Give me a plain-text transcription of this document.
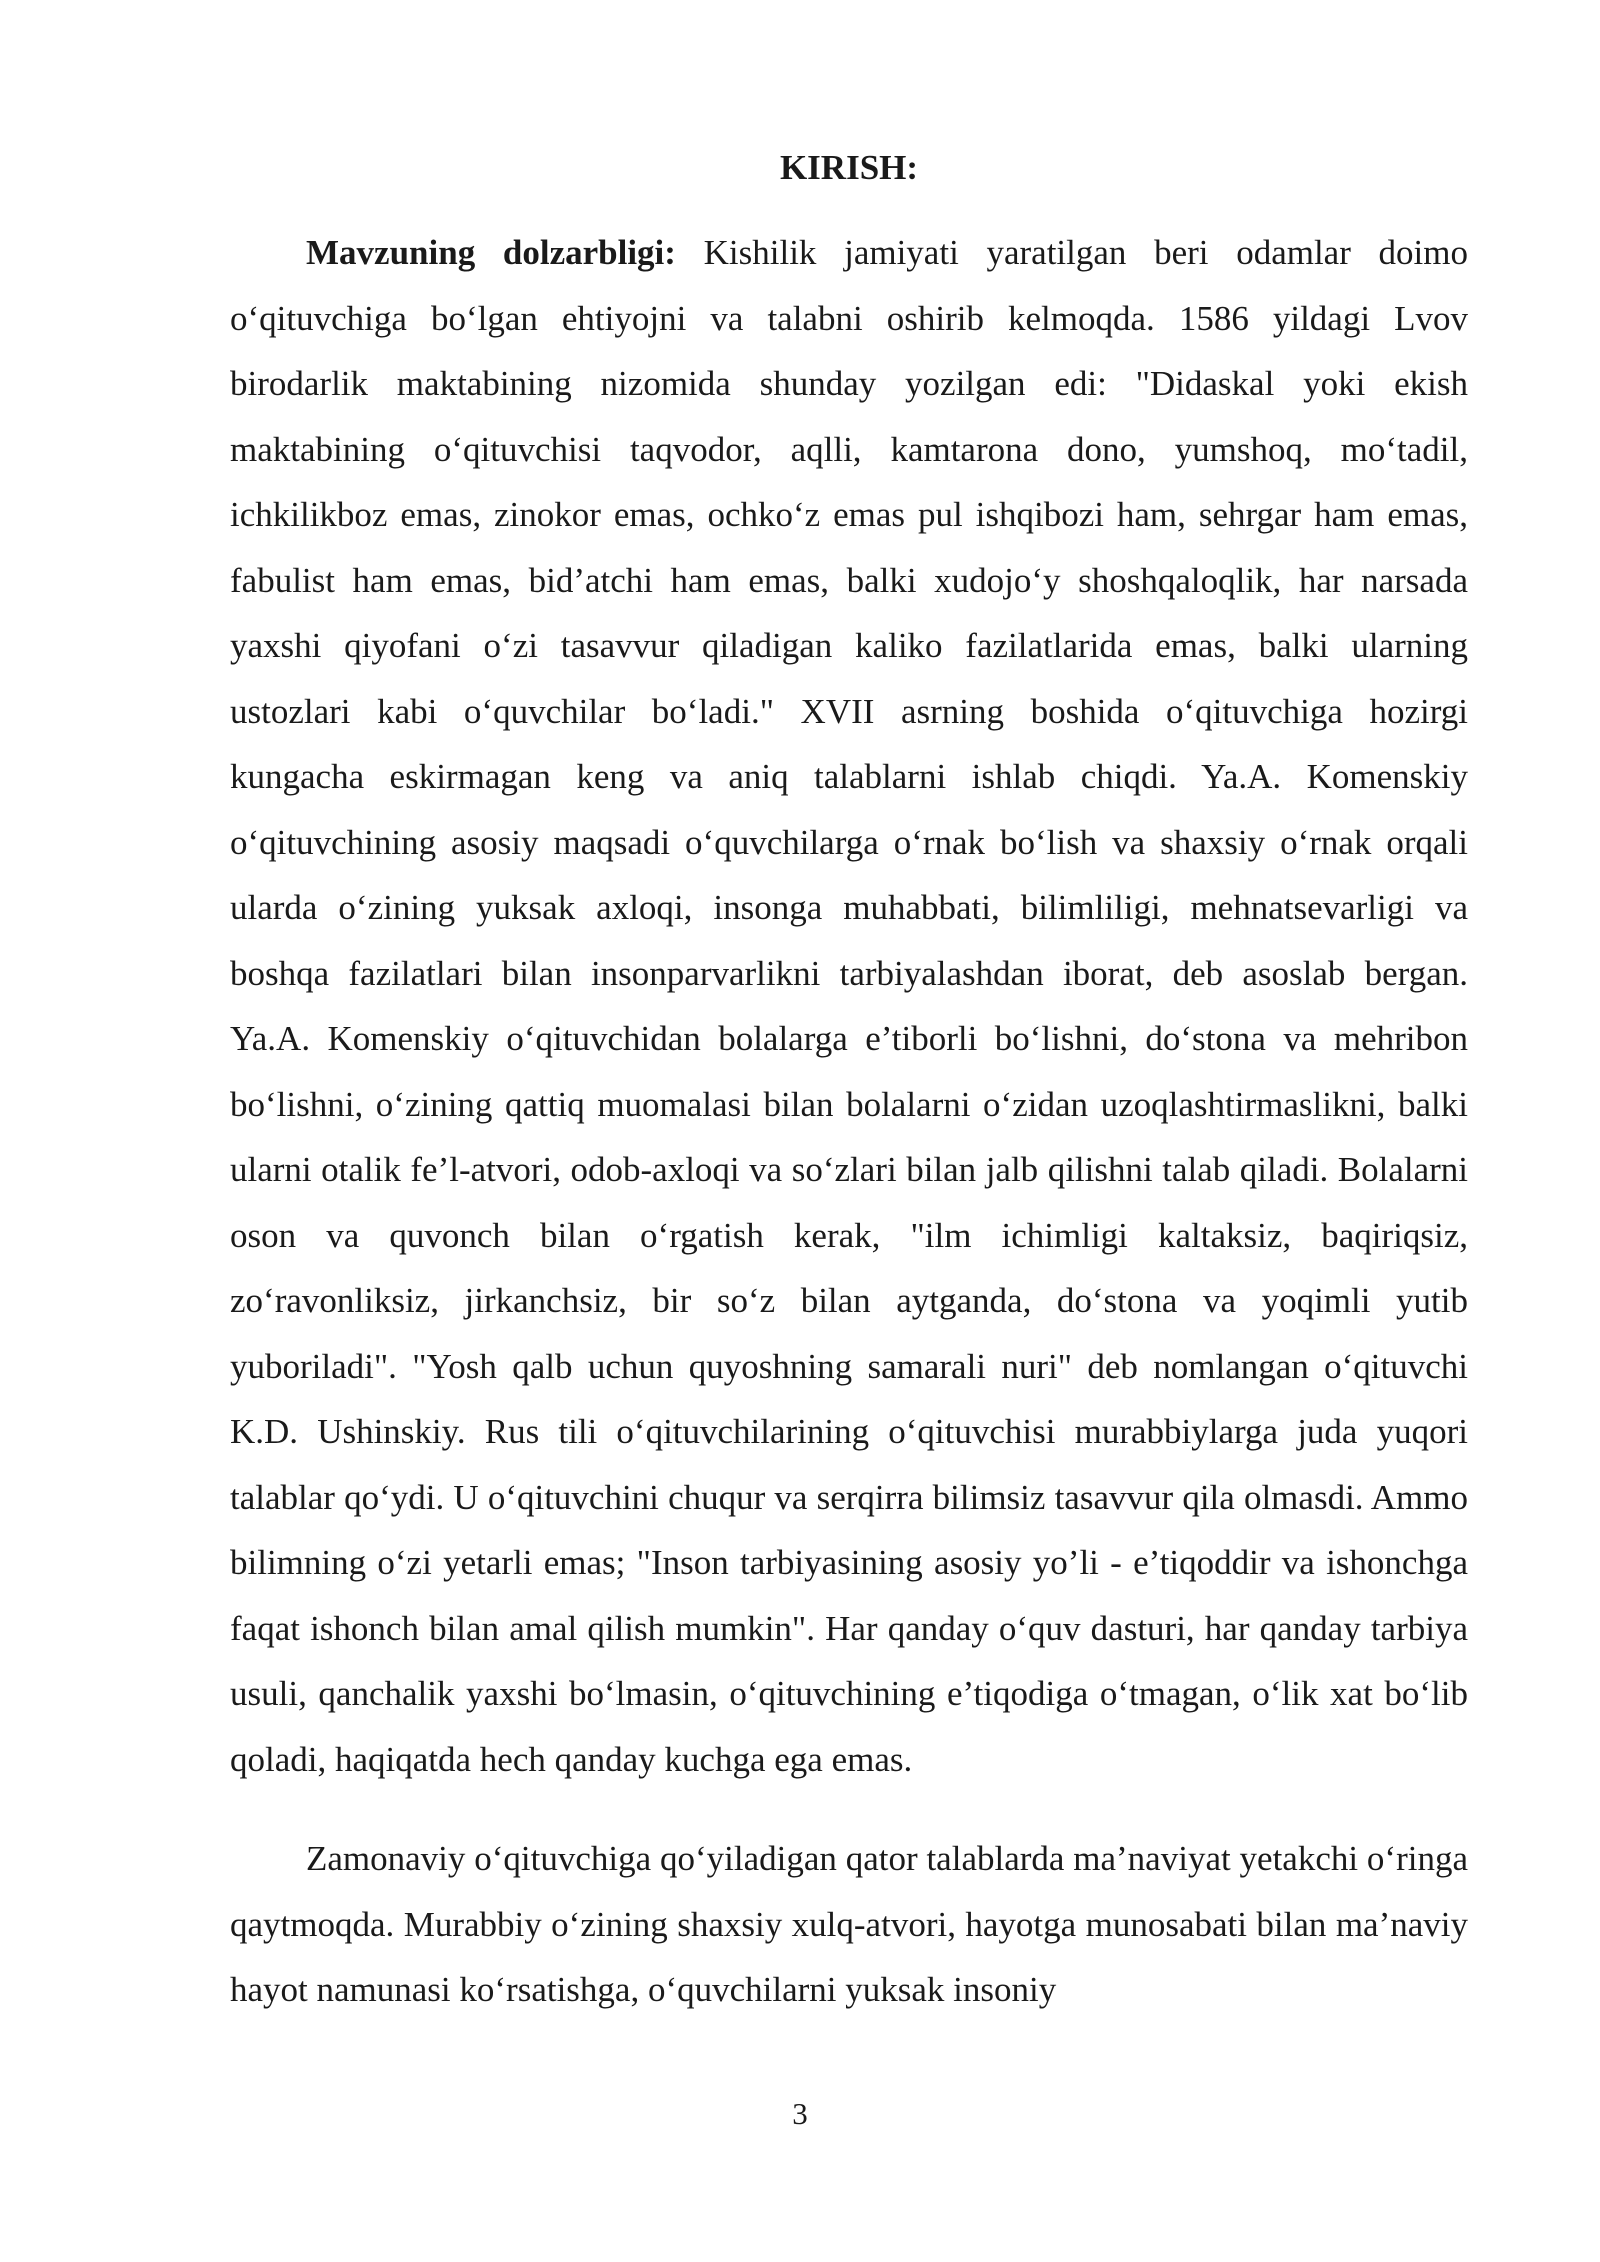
KIRISH:

Mavzuning dolzarbligi: Kishilik jamiyati yaratilgan beri odamlar doimo oʻqituvchiga boʻlgan ehtiyojni va talabni oshirib kelmoqda. 1586 yildagi Lvov birodarlik maktabining nizomida shunday yozilgan edi: "Didaskal yoki ekish maktabining oʻqituvchisi taqvodor, aqlli, kamtarona dono, yumshoq, moʻtadil, ichkilikboz emas, zinokor emas, ochkoʻz emas pul ishqibozi ham, sehrgar ham emas, fabulist ham emas, bid’atchi ham emas, balki xudojoʻy shoshqaloqlik, har narsada yaxshi qiyofani oʻzi tasavvur qiladigan kaliko fazilatlarida emas, balki ularning ustozlari kabi oʻquvchilar boʻladi." XVII asrning boshida oʻqituvchiga hozirgi kungacha eskirmagan keng va aniq talablarni ishlab chiqdi. Ya.A. Komenskiy oʻqituvchining asosiy maqsadi oʻquvchilarga oʻrnak boʻlish va shaxsiy oʻrnak orqali ularda oʻzining yuksak axloqi, insonga muhabbati, bilimliligi, mehnatsevarligi va boshqa fazilatlari bilan insonparvarlikni tarbiyalashdan iborat, deb asoslab bergan. Ya.A. Komenskiy oʻqituvchidan bolalarga e’tiborli boʻlishni, doʻstona va mehribon boʻlishni, oʻzining qattiq muomalasi bilan bolalarni oʻzidan uzoqlashtirmaslikni, balki ularni otalik fe’l-atvori, odob-axloqi va soʻzlari bilan jalb qilishni talab qiladi. Bolalarni oson va quvonch bilan oʻrgatish kerak, "ilm ichimligi kaltaksiz, baqiriqsiz, zoʻravonliksiz, jirkanchsiz, bir soʻz bilan aytganda, doʻstona va yoqimli yutib yuboriladi". "Yosh qalb uchun quyoshning samarali nuri" deb nomlangan oʻqituvchi K.D. Ushinskiy. Rus tili oʻqituvchilarining oʻqituvchisi murabbiylarga juda yuqori talablar qoʻydi. U oʻqituvchini chuqur va serqirra bilimsiz tasavvur qila olmasdi. Ammo bilimning oʻzi yetarli emas; "Inson tarbiyasining asosiy yo’li - e’tiqoddir va ishonchga faqat ishonch bilan amal qilish mumkin". Har qanday oʻquv dasturi, har qanday tarbiya usuli, qanchalik yaxshi boʻlmasin, oʻqituvchining e’tiqodiga oʻtmagan, oʻlik xat boʻlib qoladi, haqiqatda hech qanday kuchga ega emas.

Zamonaviy oʻqituvchiga qoʻyiladigan qator talablarda ma’naviyat yetakchi oʻringa qaytmoqda. Murabbiy oʻzining shaxsiy xulq-atvori, hayotga munosabati bilan ma’naviy hayot namunasi koʻrsatishga, oʻquvchilarni yuksak insoniy

3
